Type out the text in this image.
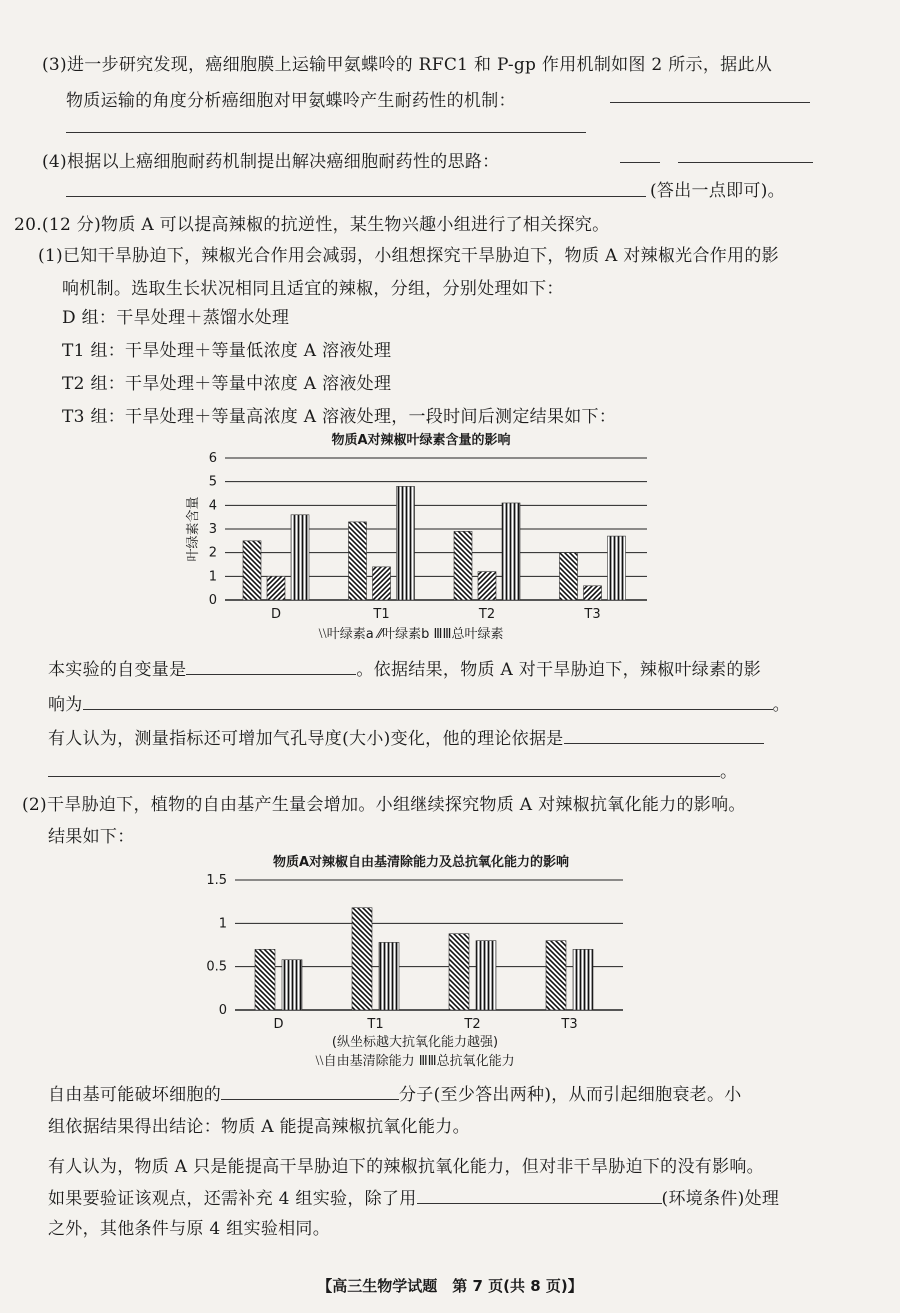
(3)进一步研究发现，癌细胞膜上运输甲氨蝶呤的 RFC1 和 P-gp 作用机制如图 2 所示，据此从
物质运输的角度分析癌细胞对甲氨蝶呤产生耐药性的机制：
(4)根据以上癌细胞耐药机制提出解决癌细胞耐药性的思路：
(答出一点即可)。
20.(12 分)物质 A 可以提高辣椒的抗逆性，某生物兴趣小组进行了相关探究。
(1)已知干旱胁迫下，辣椒光合作用会减弱，小组想探究干旱胁迫下，物质 A 对辣椒光合作用的影
响机制。选取生长状况相同且适宜的辣椒，分组，分别处理如下：
D 组：干旱处理＋蒸馏水处理
T1 组：干旱处理＋等量低浓度 A 溶液处理
T2 组：干旱处理＋等量中浓度 A 溶液处理
T3 组：干旱处理＋等量高浓度 A 溶液处理，一段时间后测定结果如下：
物质A对辣椒叶绿素含量的影响
0
1
2
3
4
5
6
叶绿素含量
D	T1	T2	T3
⧵⧵叶绿素a ⁄⁄叶绿素b ⅢⅢ总叶绿素
本实验的自变量是	。依据结果，物质 A 对干旱胁迫下，辣椒叶绿素的影
响为	。
有人认为，测量指标还可增加气孔导度(大小)变化，他的理论依据是
。
(2)干旱胁迫下，植物的自由基产生量会增加。小组继续探究物质 A 对辣椒抗氧化能力的影响。
结果如下：
物质A对辣椒自由基清除能力及总抗氧化能力的影响
0
0.5
1
1.5
D	T1	T2	T3
(纵坐标越大抗氧化能力越强)
⧵⧵自由基清除能力 ⅢⅢ总抗氧化能力
自由基可能破坏细胞的	分子(至少答出两种)，从而引起细胞衰老。小
组依据结果得出结论：物质 A 能提高辣椒抗氧化能力。
有人认为，物质 A 只是能提高干旱胁迫下的辣椒抗氧化能力，但对非干旱胁迫下的没有影响。
如果要验证该观点，还需补充 4 组实验，除了用	(环境条件)处理
之外，其他条件与原 4 组实验相同。
【高三生物学试题　第 7 页(共 8 页)】
